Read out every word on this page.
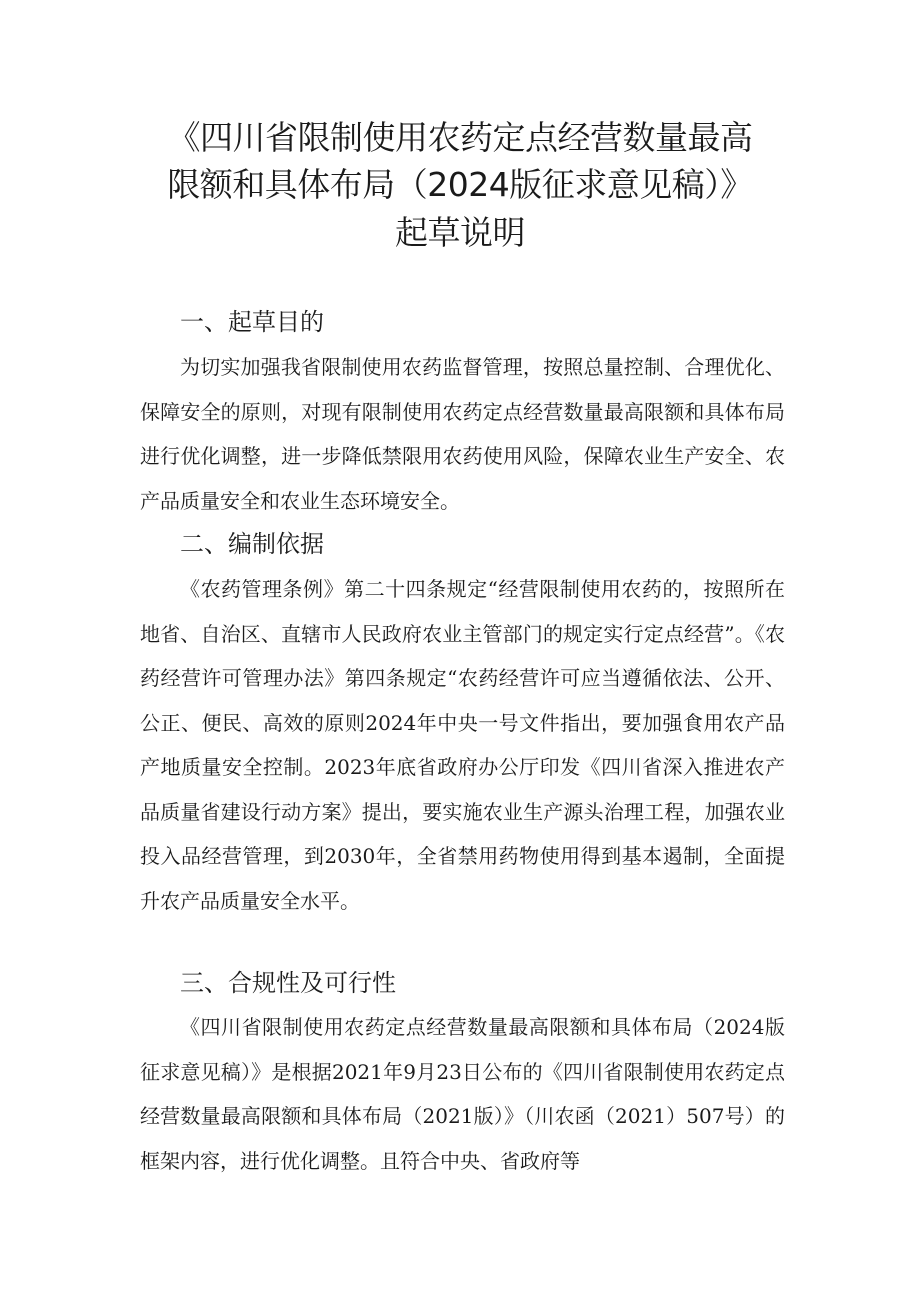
《四川省限制使用农药定点经营数量最高
限额和具体布局（2024版征求意见稿）》
起草说明
一、起草目的

为切实加强我省限制使用农药监督管理，按照总量控制、合理优化、保障安全的原则，对现有限制使用农药定点经营数量最高限额和具体布局进行优化调整，进一步降低禁限用农药使用风险，保障农业生产安全、农产品质量安全和农业生态环境安全。

二、编制依据

《农药管理条例》第二十四条规定“经营限制使用农药的，按照所在地省、自治区、直辖市人民政府农业主管部门的规定实行定点经营”。《农药经营许可管理办法》第四条规定“农药经营许可应当遵循依法、公开、公正、便民、高效的原则2024年中央一号文件指出，要加强食用农产品产地质量安全控制。2023年底省政府办公厅印发《四川省深入推进农产品质量省建设行动方案》提出，要实施农业生产源头治理工程，加强农业投入品经营管理，到2030年，全省禁用药物使用得到基本遏制，全面提升农产品质量安全水平。

三、合规性及可行性

《四川省限制使用农药定点经营数量最高限额和具体布局（2024版征求意见稿）》是根据2021年9月23日公布的《四川省限制使用农药定点经营数量最高限额和具体布局（2021版）》（川农函（2021）507号）的框架内容，进行优化调整。且符合中央、省政府等
